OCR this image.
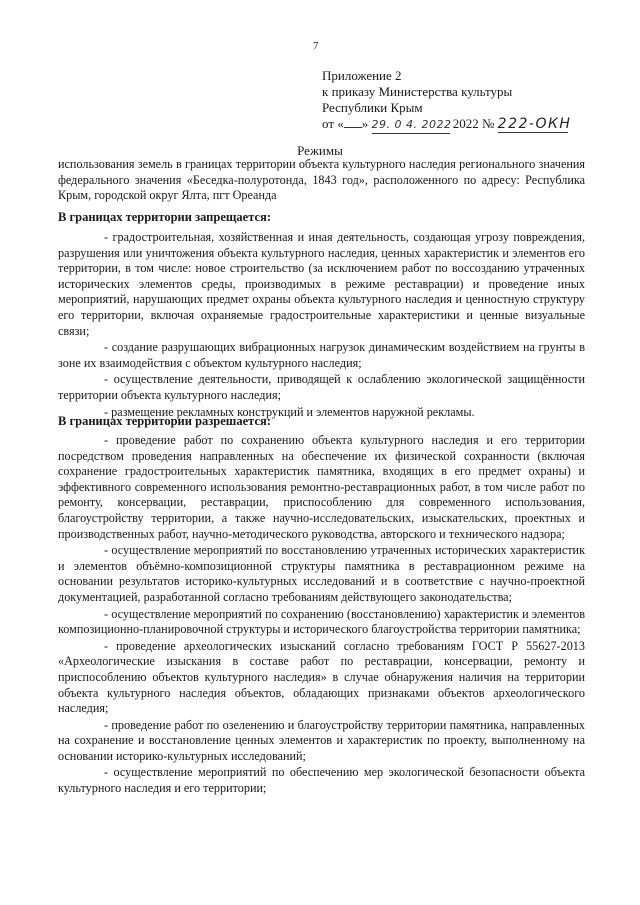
7
Приложение 2
к приказу Министерства культуры
Республики Крым
от « » 29. 0 4. 2022 2022 № 222-ОКН
Режимы
использования земель в границах территории объекта культурного наследия регионального значения федерального значения «Беседка-полуротонда, 1843 год», расположенного по адресу: Республика Крым, городской округ Ялта, пгт Ореанда
В границах территории запрещается:

- градостроительная, хозяйственная и иная деятельность, создающая угрозу повреждения, разрушения или уничтожения объекта культурного наследия, ценных характеристик и элементов его территории, в том числе: новое строительство (за исключением работ по воссозданию утраченных исторических элементов среды, производимых в режиме реставрации) и проведение иных мероприятий, нарушающих предмет охраны объекта культурного наследия и ценностную структуру его территории, включая охраняемые градостроительные характеристики и ценные визуальные связи;

- создание разрушающих вибрационных нагрузок динамическим воздействием на грунты в зоне их взаимодействия с объектом культурного наследия;

- осуществление деятельности, приводящей к ослаблению экологической защищённости территории объекта культурного наследия;

- размещение рекламных конструкций и элементов наружной рекламы.

В границах территории разрешается:

- проведение работ по сохранению объекта культурного наследия и его территории посредством проведения направленных на обеспечение их физической сохранности (включая сохранение градостроительных характеристик памятника, входящих в его предмет охраны) и эффективного современного использования ремонтно-реставрационных работ, в том числе работ по ремонту, консервации, реставрации, приспособлению для современного использования, благоустройству территории, а также научно-исследовательских, изыскательских, проектных и производственных работ, научно-методического руководства, авторского и технического надзора;

- осуществление мероприятий по восстановлению утраченных исторических характеристик и элементов объёмно-композиционной структуры памятника в реставрационном режиме на основании результатов историко-культурных исследований и в соответствие с научно-проектной документацией, разработанной согласно требованиям действующего законодательства;

- осуществление мероприятий по сохранению (восстановлению) характеристик и элементов композиционно-планировочной структуры и исторического благоустройства территории памятника;

- проведение археологических изысканий согласно требованиям ГОСТ Р 55627-2013 «Археологические изыскания в составе работ по реставрации, консервации, ремонту и приспособлению объектов культурного наследия» в случае обнаружения наличия на территории объекта культурного наследия объектов, обладающих признаками объектов археологического наследия;

- проведение работ по озеленению и благоустройству территории памятника, направленных на сохранение и восстановление ценных элементов и характеристик по проекту, выполненному на основании историко-культурных исследований;

- осуществление мероприятий по обеспечению мер экологической безопасности объекта культурного наследия и его территории;
